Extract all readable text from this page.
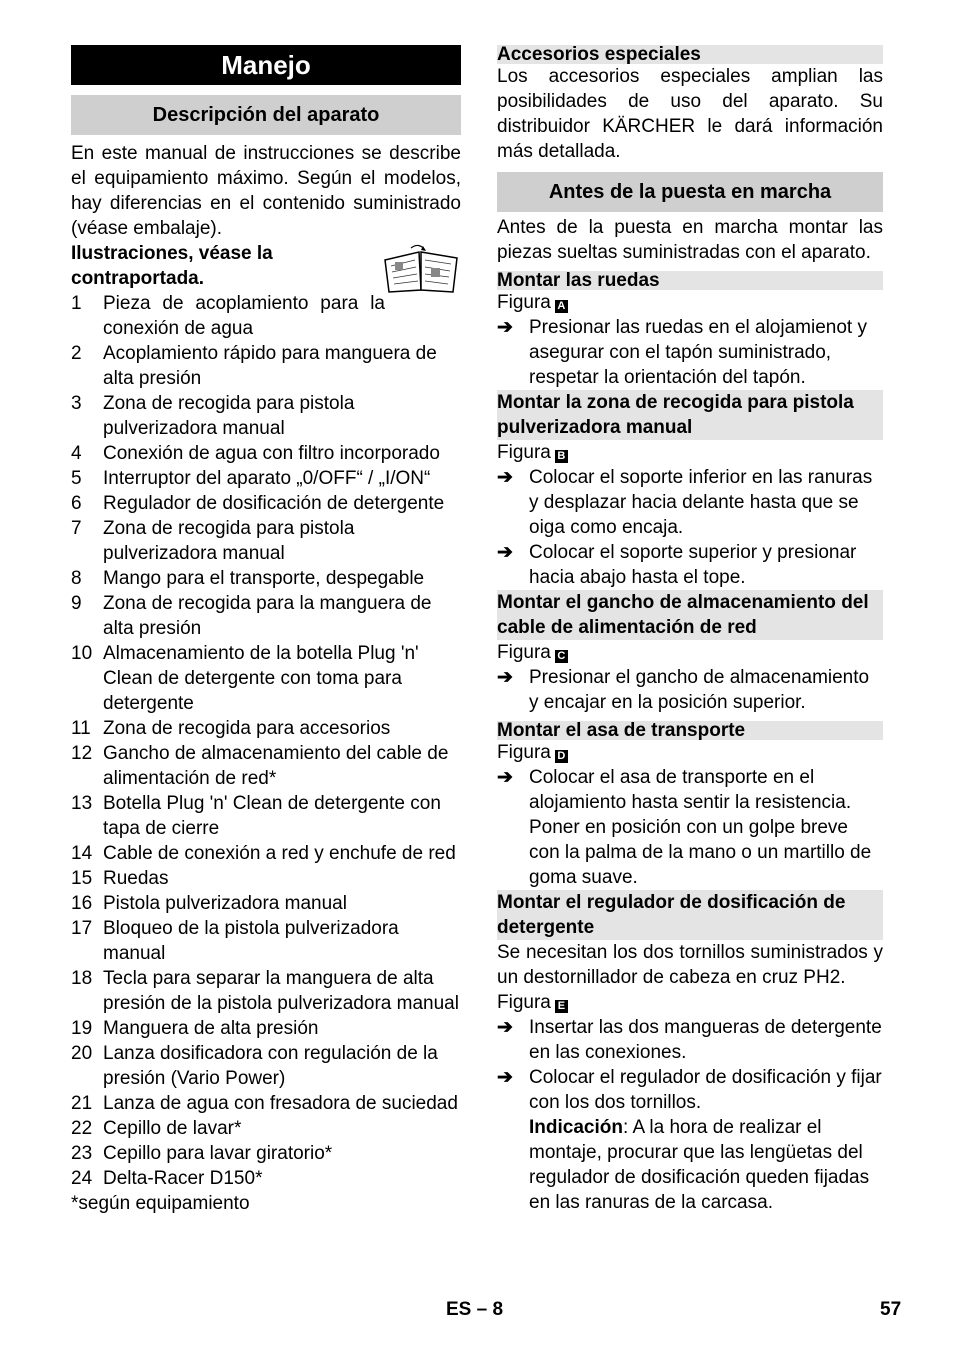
Manejo
Descripción del aparato

En este manual de instrucciones se describe el equipamiento máximo. Según el modelos, hay diferencias en el contenido suministrado (véase embalaje).

Ilustraciones, véase la

contraportada.

1	Pieza de acoplamiento para la conexión de agua
2	Acoplamiento rápido para manguera de alta presión
3	Zona de recogida para pistola pulverizadora manual
4	Conexión de agua con filtro incorporado
5	Interruptor del aparato „0/OFF“ / „I/ON“
6	Regulador de dosificación de detergente
7	Zona de recogida para pistola pulverizadora manual
8	Mango para el transporte, despegable
9	Zona de recogida para la manguera de alta presión
10 Almacenamiento de la botella Plug 'n' Clean de detergente con toma para detergente
11 Zona de recogida para accesorios
12 Gancho de almacenamiento del cable de alimentación de red*
13 Botella Plug 'n' Clean de detergente con tapa de cierre
14 Cable de conexión a red y enchufe de red
15 Ruedas
16 Pistola pulverizadora manual
17 Bloqueo de la pistola pulverizadora manual
18 Tecla para separar la manguera de alta presión de la pistola pulverizadora manual
19 Manguera de alta presión
20 Lanza dosificadora con regulación de la presión (Vario Power)
21 Lanza de agua con fresadora de suciedad
22 Cepillo de lavar*
23 Cepillo para lavar giratorio*
24 Delta-Racer D150*

*según equipamiento

Accesorios especiales

Los accesorios especiales amplian las posibilidades de uso del aparato. Su distribuidor KÄRCHER le dará información más detallada.

Antes de la puesta en marcha

Antes de la puesta en marcha montar las piezas sueltas suministradas con el aparato.

Montar las ruedas

Figura A

➔ Presionar las ruedas en el alojamienot y asegurar con el tapón suministrado, respetar la orientación del tapón.
Montar la zona de recogida para pistola pulverizadora manual

Figura B

➔ Colocar el soporte inferior en las ranuras y desplazar hacia delante hasta que se oiga como encaja.
➔ Colocar el soporte superior y presionar hacia abajo hasta el tope.
Montar el gancho de almacenamiento del cable de alimentación de red

Figura C

➔ Presionar el gancho de almacenamiento y encajar en la posición superior.
Montar el asa de transporte

Figura D

➔ Colocar el asa de transporte en el alojamiento hasta sentir la resistencia. Poner en posición con un golpe breve con la palma de la mano o un martillo de goma suave.
Montar el regulador de dosificación de detergente

Se necesitan los dos tornillos suministrados y un destornillador de cabeza en cruz PH2.

Figura E

➔ Insertar las dos mangueras de detergente en las conexiones.
➔ Colocar el regulador de dosificación y fijar con los dos tornillos.
Indicación: A la hora de realizar el montaje, procurar que las lengüetas del regulador de dosificación queden fijadas en las ranuras de la carcasa.
ES – 8	57
